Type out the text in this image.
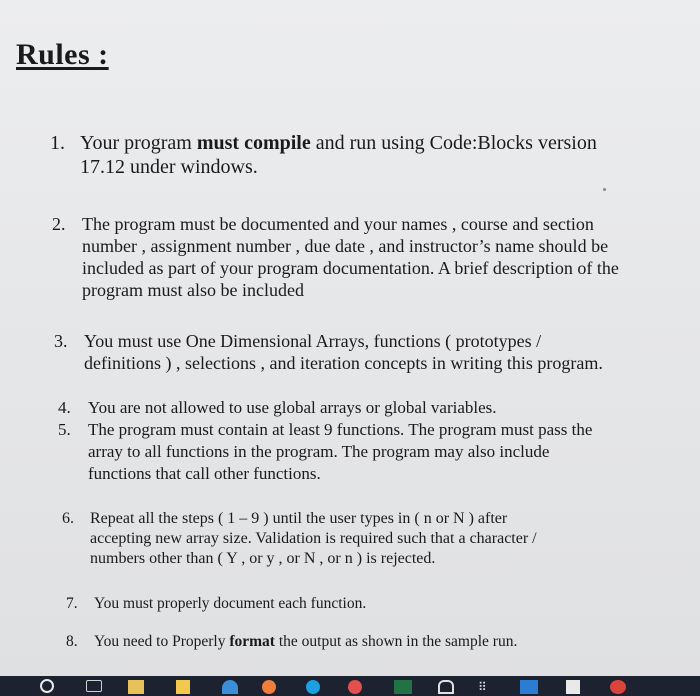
Rules :
1. Your program must compile and run using Code:Blocks version
17.12 under windows.
2. The program must be documented and your names , course and section
number , assignment number , due date , and instructor’s name should be
included as part of your program documentation. A brief description of the
program must also be included
3. You must use One Dimensional Arrays, functions ( prototypes /
definitions ) , selections , and iteration concepts in writing this program.
4. You are not allowed to use global arrays or global variables.
5. The program must contain at least 9 functions. The program must pass the
array to all functions in the program. The program may also include
functions that call other functions.
6. Repeat all the steps ( 1 – 9 ) until the user types in ( n or N ) after
accepting new array size. Validation is required such that a character /
numbers other than ( Y , or y , or N , or n ) is rejected.
7. You must properly document each function.
8. You need to Properly format the output as shown in the sample run.
⠿
